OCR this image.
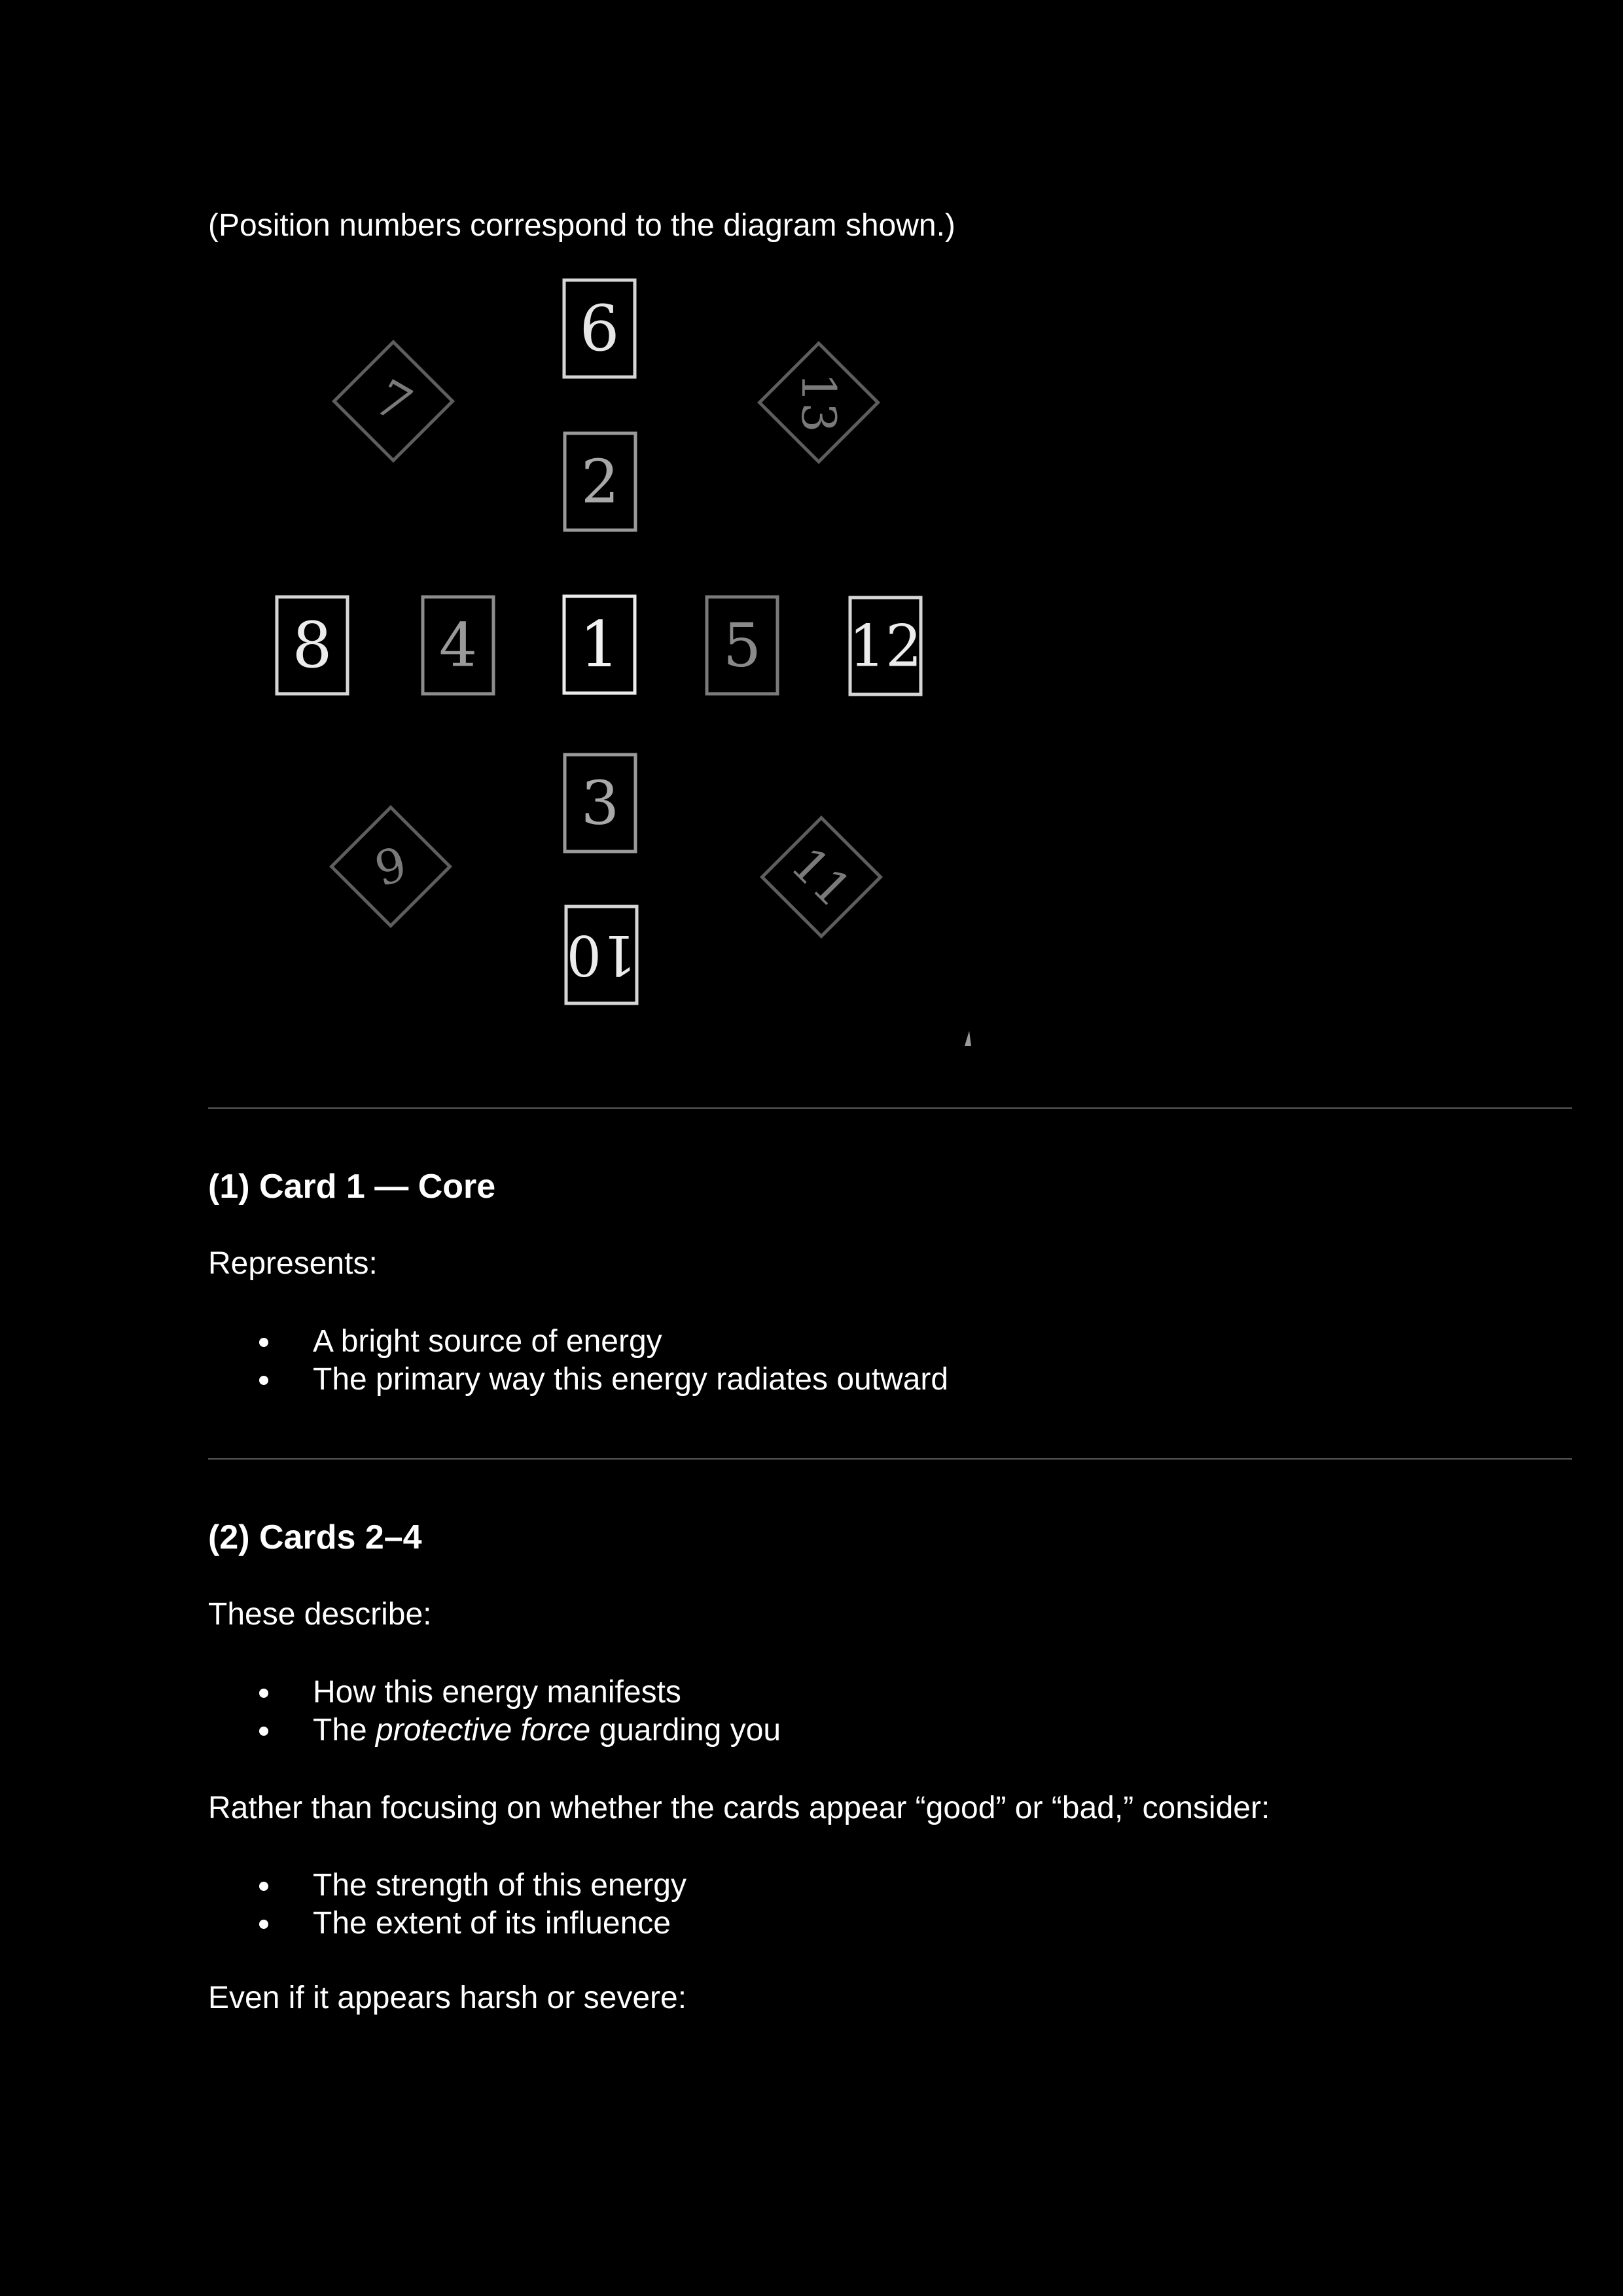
(Position numbers correspond to the diagram shown.)

6
7	13
2
8 4 1 5 12
3
9	11
10
(1) Card 1 — Core

Represents:

A bright source of energy
The primary way this energy radiates outward
(2) Cards 2–4

These describe:

How this energy manifests
The protective force guarding you

Rather than focusing on whether the cards appear “good” or “bad,” consider:

The strength of this energy
The extent of its influence

Even if it appears harsh or severe:
